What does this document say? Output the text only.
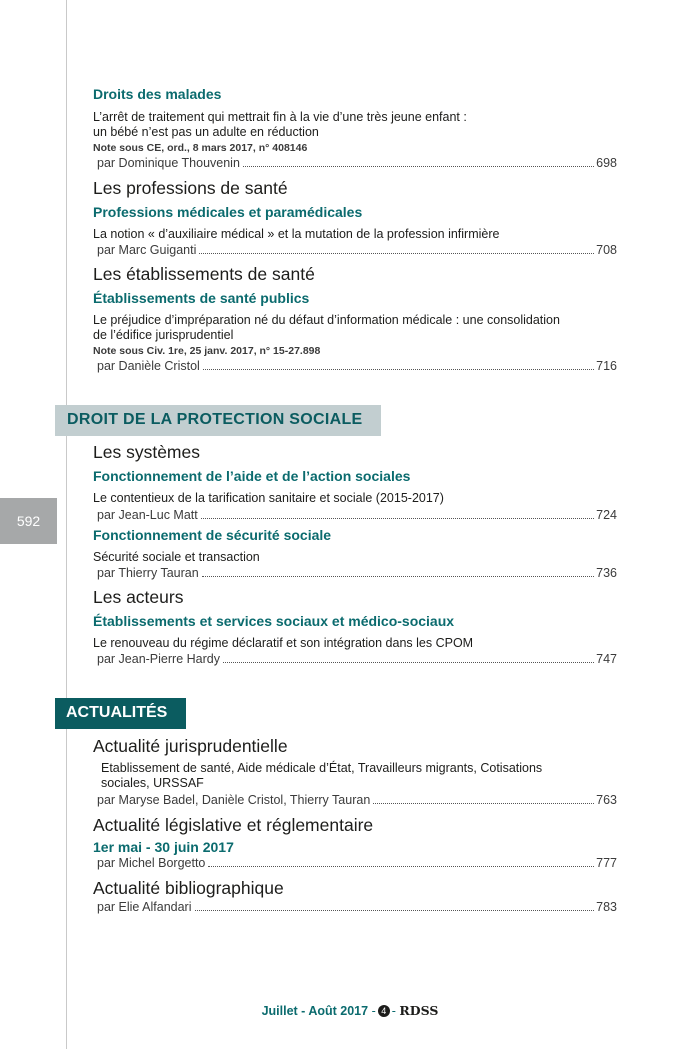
592
Droits des malades
L’arrêt de traitement qui mettrait fin à la vie d’une très jeune enfant :
un bébé n’est pas un adulte en réduction
Note sous CE, ord., 8 mars 2017, n° 408146
par Dominique Thouvenin	698
Les professions de santé
Professions médicales et paramédicales
La notion « d’auxiliaire médical » et la mutation de la profession infirmière
par Marc Guiganti	708
Les établissements de santé
Établissements de santé publics
Le préjudice d’impréparation né du défaut d’information médicale : une consolidation
de l’édifice jurisprudentiel
Note sous Civ. 1re, 25 janv. 2017, n° 15-27.898
par Danièle Cristol	716
DROIT DE LA PROTECTION SOCIALE
Les systèmes
Fonctionnement de l’aide et de l’action sociales
Le contentieux de la tarification sanitaire et sociale (2015-2017)
par Jean-Luc Matt	724
Fonctionnement de sécurité sociale
Sécurité sociale et transaction
par Thierry Tauran	736
Les acteurs
Établissements et services sociaux et médico-sociaux
Le renouveau du régime déclaratif et son intégration dans les CPOM
par Jean-Pierre Hardy	747
ACTUALITÉS
Actualité jurisprudentielle
Etablissement de santé, Aide médicale d’État, Travailleurs migrants, Cotisations
sociales, URSSAF
par Maryse Badel, Danièle Cristol, Thierry Tauran	763
Actualité législative et réglementaire
1er mai - 30 juin 2017
par Michel Borgetto	777
Actualité bibliographique
par Elie Alfandari	783
Juillet - Août 2017 - 4 - RDSS
